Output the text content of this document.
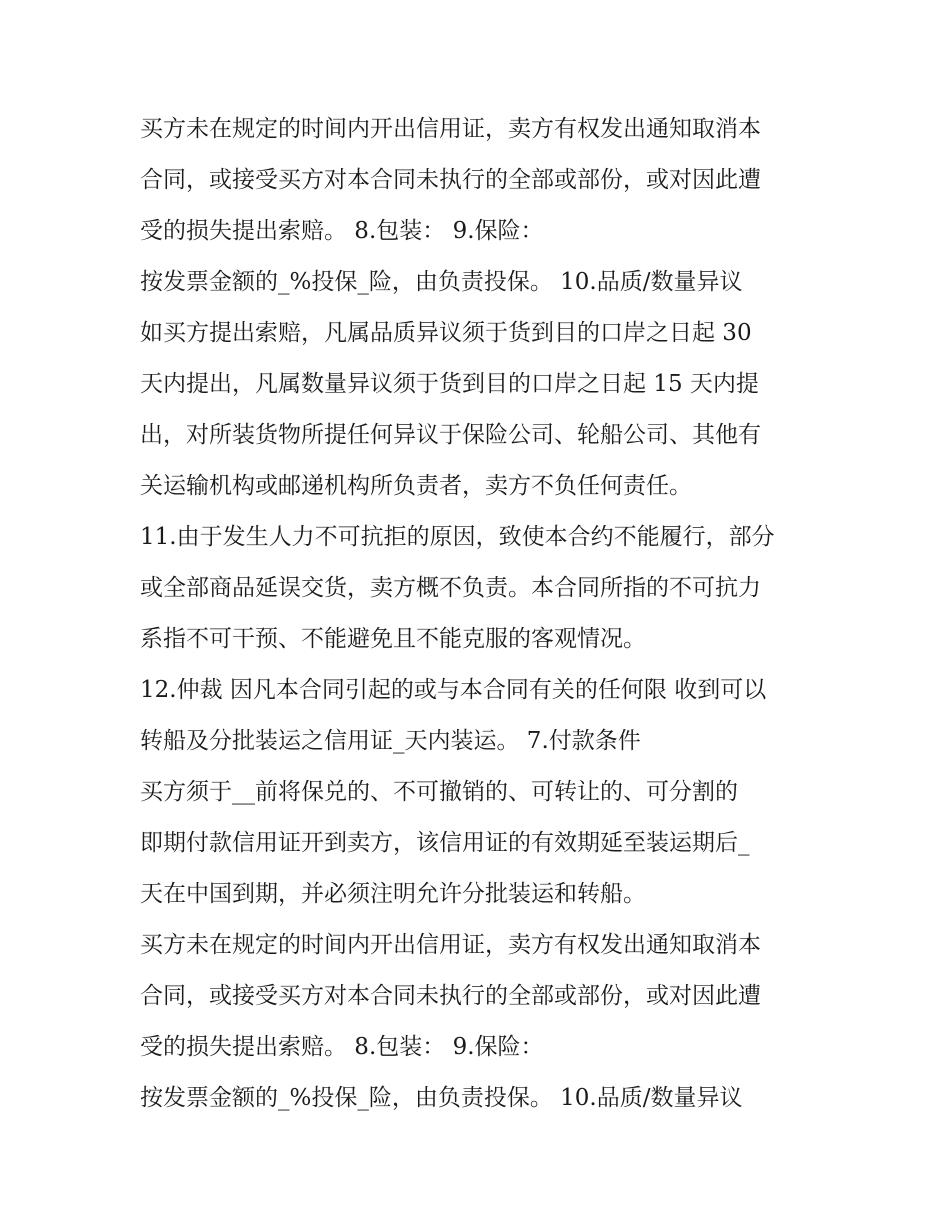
买方未在规定的时间内开出信用证，卖方有权发出通知取消本
合同，或接受买方对本合同未执行的全部或部份，或对因此遭
受的损失提出索赔。 8.包装： 9.保险：
按发票金额的_%投保_险，由负责投保。 10.品质/数量异议
如买方提出索赔，凡属品质异议须于货到目的口岸之日起 30
天内提出，凡属数量异议须于货到目的口岸之日起 15 天内提
出，对所装货物所提任何异议于保险公司、轮船公司、其他有
关运输机构或邮递机构所负责者，卖方不负任何责任。
11.由于发生人力不可抗拒的原因，致使本合约不能履行，部分
或全部商品延误交货，卖方概不负责。本合同所指的不可抗力
系指不可干预、不能避免且不能克服的客观情况。
12.仲裁 因凡本合同引起的或与本合同有关的任何限 收到可以
转船及分批装运之信用证_天内装运。 7.付款条件
买方须于__前将保兑的、不可撤销的、可转让的、可分割的
即期付款信用证开到卖方，该信用证的有效期延至装运期后_
天在中国到期，并必须注明允许分批装运和转船。
买方未在规定的时间内开出信用证，卖方有权发出通知取消本
合同，或接受买方对本合同未执行的全部或部份，或对因此遭
受的损失提出索赔。 8.包装： 9.保险：
按发票金额的_%投保_险，由负责投保。 10.品质/数量异议
